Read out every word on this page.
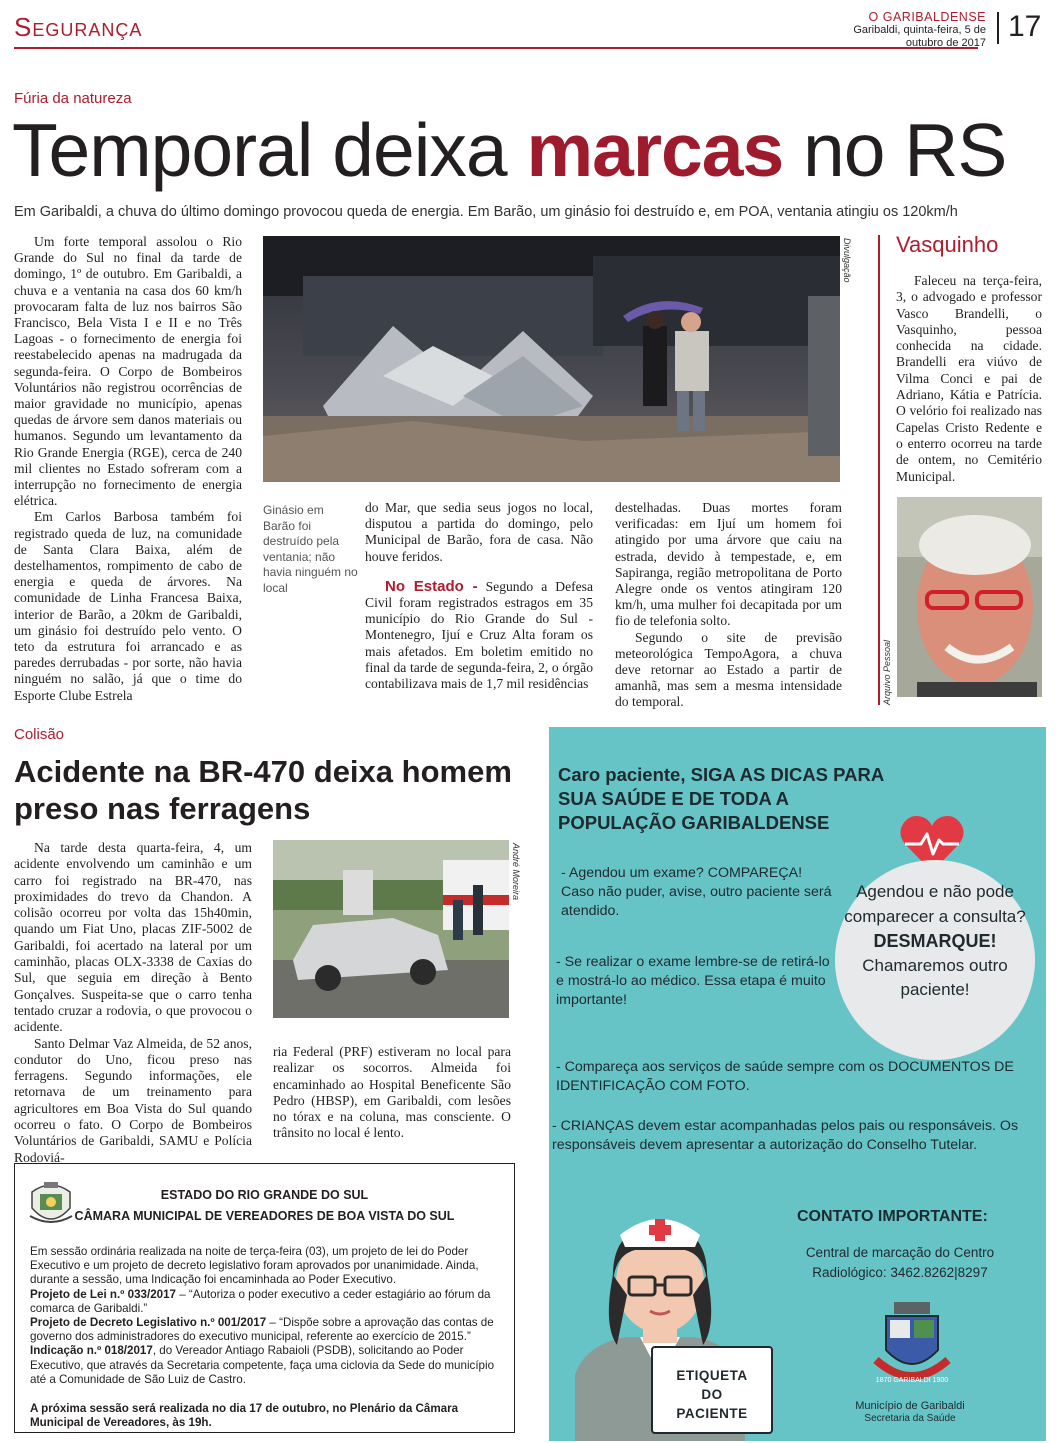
Segurança	O GARIBALDENSE
Garibaldi, quinta-feira, 5 de outubro de 2017 17
Fúria da natureza
Temporal deixa marcas no RS
Em Garibaldi, a chuva do último domingo provocou queda de energia. Em Barão, um ginásio foi destruído e, em POA, ventania atingiu os 120km/h

Um forte temporal assolou o Rio Grande do Sul no final da tarde de domingo, 1º de outubro. Em Garibaldi, a chuva e a ventania na casa dos 60 km/h provocaram falta de luz nos bairros São Francisco, Bela Vista I e II e no Três Lagoas - o fornecimento de energia foi reestabelecido apenas na madrugada da segunda-feira. O Corpo de Bombeiros Voluntários não registrou ocorrências de maior gravidade no município, apenas quedas de árvore sem danos materiais ou humanos. Segundo um levantamento da Rio Grande Energia (RGE), cerca de 240 mil clientes no Estado sofreram com a interrupção no fornecimento de energia elétrica.

Em Carlos Barbosa também foi registrado queda de luz, na comunidade de Santa Clara Baixa, além de destelhamentos, rompimento de cabo de energia e queda de árvores. Na comunidade de Linha Francesa Baixa, interior de Barão, a 20km de Garibaldi, um ginásio foi destruído pelo vento. O teto da estrutura foi arrancado e as paredes derrubadas - por sorte, não havia ninguém no salão, já que o time do Esporte Clube Estrela

Divulgação
Ginásio em Barão foi destruído pela ventania; não havia ninguém no local

do Mar, que sedia seus jogos no local, disputou a partida do domingo, pelo Municipal de Barão, fora de casa. Não houve feridos.

No Estado - Segundo a Defesa Civil foram registrados estragos em 35 município do Rio Grande do Sul - Montenegro, Ijuí e Cruz Alta foram os mais afetados. Em boletim emitido no final da tarde de segunda-feira, 2, o órgão contabilizava mais de 1,7 mil residências

destelhadas. Duas mortes foram verificadas: em Ijuí um homem foi atingido por uma árvore que caiu na estrada, devido à tempestade, e, em Sapiranga, região metropolitana de Porto Alegre onde os ventos atingiram 120 km/h, uma mulher foi decapitada por um fio de telefonia solto.

Segundo o site de previsão meteorológica TempoAgora, a chuva deve retornar ao Estado a partir de amanhã, mas sem a mesma intensidade do temporal.

Vasquinho

Faleceu na terça-feira, 3, o advogado e professor Vasco Brandelli, o Vasquinho, pessoa conhecida na cidade. Brandelli era viúvo de Vilma Conci e pai de Adriano, Kátia e Patrícia. O velório foi realizado nas Capelas Cristo Redente e o enterro ocorreu na tarde de ontem, no Cemitério Municipal.

Arquivo Pessoal
Colisão
Acidente na BR-470 deixa homem preso nas ferragens

Na tarde desta quarta-feira, 4, um acidente envolvendo um caminhão e um carro foi registrado na BR-470, nas proximidades do trevo da Chandon. A colisão ocorreu por volta das 15h40min, quando um Fiat Uno, placas ZIF-5002 de Garibaldi, foi acertado na lateral por um caminhão, placas OLX-3338 de Caxias do Sul, que seguia em direção à Bento Gonçalves. Suspeita-se que o carro tenha tentado cruzar a rodovia, o que provocou o acidente.

Santo Delmar Vaz Almeida, de 52 anos, condutor do Uno, ficou preso nas ferragens. Segundo informações, ele retornava de um treinamento para agricultores em Boa Vista do Sul quando ocorreu o fato. O Corpo de Bombeiros Voluntários de Garibaldi, SAMU e Polícia Rodoviá-

André Moreira

ria Federal (PRF) estiveram no local para realizar os socorros. Almeida foi encaminhado ao Hospital Beneficente São Pedro (HBSP), em Garibaldi, com lesões no tórax e na coluna, mas consciente. O trânsito no local é lento.

ESTADO DO RIO GRANDE DO SUL
CÂMARA MUNICIPAL DE VEREADORES DE BOA VISTA DO SUL
Em sessão ordinária realizada na noite de terça-feira (03), um projeto de lei do Poder Executivo e um projeto de decreto legislativo foram aprovados por unanimidade. Ainda, durante a sessão, uma Indicação foi encaminhada ao Poder Executivo.
Projeto de Lei n.º 033/2017 – “Autoriza o poder executivo a ceder estagiário ao fórum da comarca de Garibaldi.”
Projeto de Decreto Legislativo n.º 001/2017 – “Dispõe sobre a aprovação das contas de governo dos administradores do executivo municipal, referente ao exercício de 2015.”
Indicação n.º 018/2017, do Vereador Antiago Rabaioli (PSDB), solicitando ao Poder Executivo, que através da Secretaria competente, faça uma ciclovia da Sede do município até a Comunidade de São Luiz de Castro.
A próxima sessão será realizada no dia 17 de outubro, no Plenário da Câmara Municipal de Vereadores, às 19h.
Caro paciente, SIGA AS DICAS PARA SUA SAÚDE E DE TODA A POPULAÇÃO GARIBALDENSE
- Agendou um exame? COMPAREÇA! Caso não puder, avise, outro paciente será atendido.
- Se realizar o exame lembre-se de retirá-lo e mostrá-lo ao médico. Essa etapa é muito importante!
Agendou e não pode comparecer a consulta?
DESMARQUE!
Chamaremos outro paciente!
- Compareça aos serviços de saúde sempre com os DOCUMENTOS DE IDENTIFICAÇÃO COM FOTO.
- CRIANÇAS devem estar acompanhadas pelos pais ou responsáveis. Os responsáveis devem apresentar a autorização do Conselho Tutelar.
CONTATO IMPORTANTE:
Central de marcação do Centro Radiológico: 3462.8262|8297
ETIQUETA
DO
PACIENTE
1870 GARIBALDI 1900
Município de Garibaldi
Secretaria da Saúde
